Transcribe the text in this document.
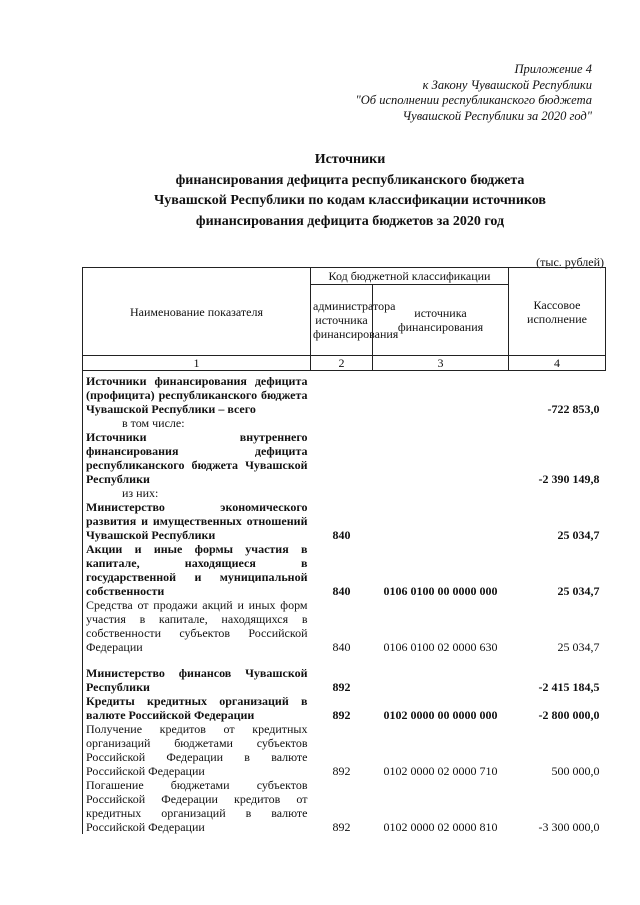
Приложение 4
к Закону Чувашской Республики
"Об исполнении республиканского бюджета
Чувашской Республики за 2020 год"
Источники
финансирования дефицита республиканского бюджета
Чувашской Республики по кодам классификации источников
финансирования дефицита бюджетов за 2020 год
(тыс. рублей)
Наименование показателя	Код бюджетной классификации		Кассовое исполнение
	администратора источника финансирования	источника финансирования	
1	2	3	4
Источники финансирования дефицита (профицита) республиканского бюджета Чувашской Республики – всего			-722 853,0
в том числе:			
Источники внутреннего финансирования дефицита республиканского бюджета Чувашской Республики			-2 390 149,8
из них:			
Министерство экономического развития и имущественных отношений Чувашской Республики	840		25 034,7
Акции и иные формы участия в капитале, находящиеся в государственной и муниципальной собственности	840	0106 0100 00 0000 000	25 034,7
Средства от продажи акций и иных форм участия в капитале, находящихся в собственности субъектов Российской Федерации	840	0106 0100 02 0000 630	25 034,7

Министерство финансов Чувашской Республики	892		-2 415 184,5
Кредиты кредитных организаций в валюте Российской Федерации	892	0102 0000 00 0000 000	-2 800 000,0
Получение кредитов от кредитных организаций бюджетами субъектов Российской Федерации в валюте Российской Федерации	892	0102 0000 02 0000 710	500 000,0
Погашение бюджетами субъектов Российской Федерации кредитов от кредитных организаций в валюте Российской Федерации	892	0102 0000 02 0000 810	-3 300 000,0
